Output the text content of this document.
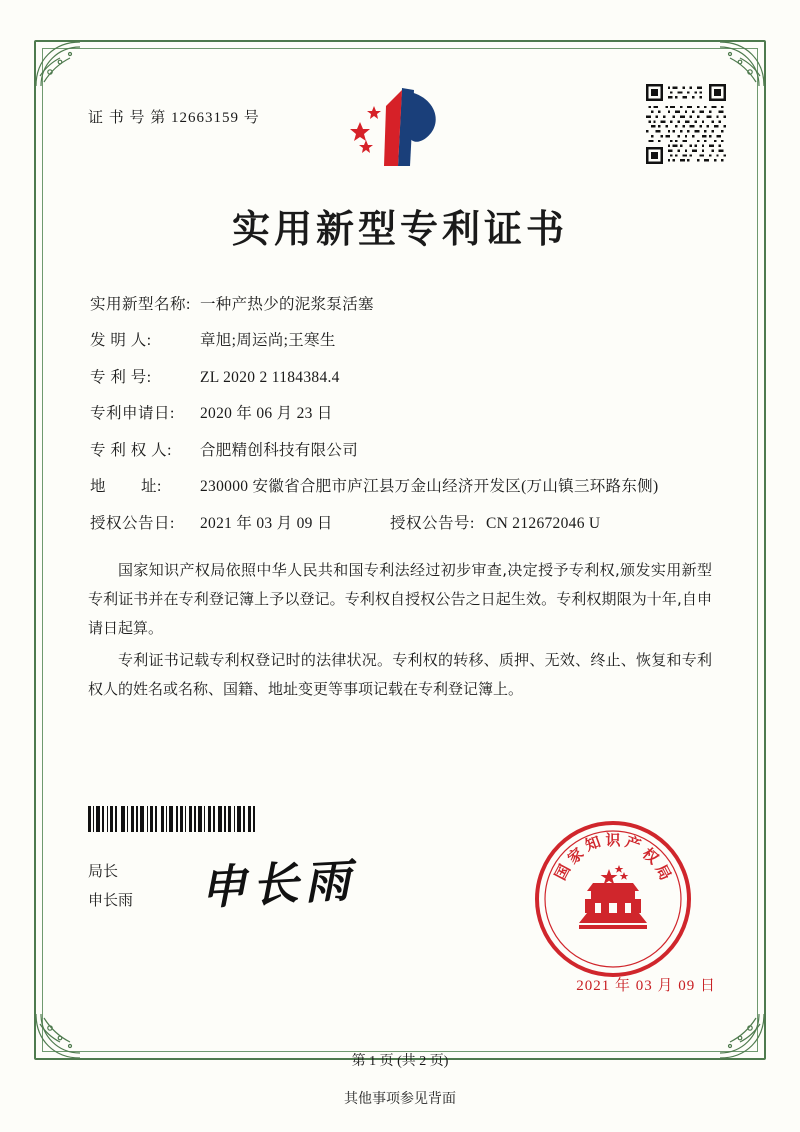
证 书 号 第 12663159 号
实用新型专利证书
实用新型名称: 一种产热少的泥浆泵活塞
发 明 人:	章旭;周运尚;王寒生
专 利 号:	ZL 2020 2 1184384.4
专利申请日:	2020 年 06 月 23 日
专 利 权 人:	合肥精创科技有限公司
地        址:	230000 安徽省合肥市庐江县万金山经济开发区(万山镇三环路东侧)
授权公告日:	2021 年 03 月 09 日	授权公告号: CN 212672046 U

国家知识产权局依照中华人民共和国专利法经过初步审查,决定授予专利权,颁发实用新型专利证书并在专利登记簿上予以登记。专利权自授权公告之日起生效。专利权期限为十年,自申请日起算。

专利证书记载专利权登记时的法律状况。专利权的转移、质押、无效、终止、恢复和专利权人的姓名或名称、国籍、地址变更等事项记载在专利登记簿上。

局长
申长雨 申长雨	国
家
知 识 产
权
局
2021 年 03 月 09 日
第 1 页 (共 2 页)
其他事项参见背面
